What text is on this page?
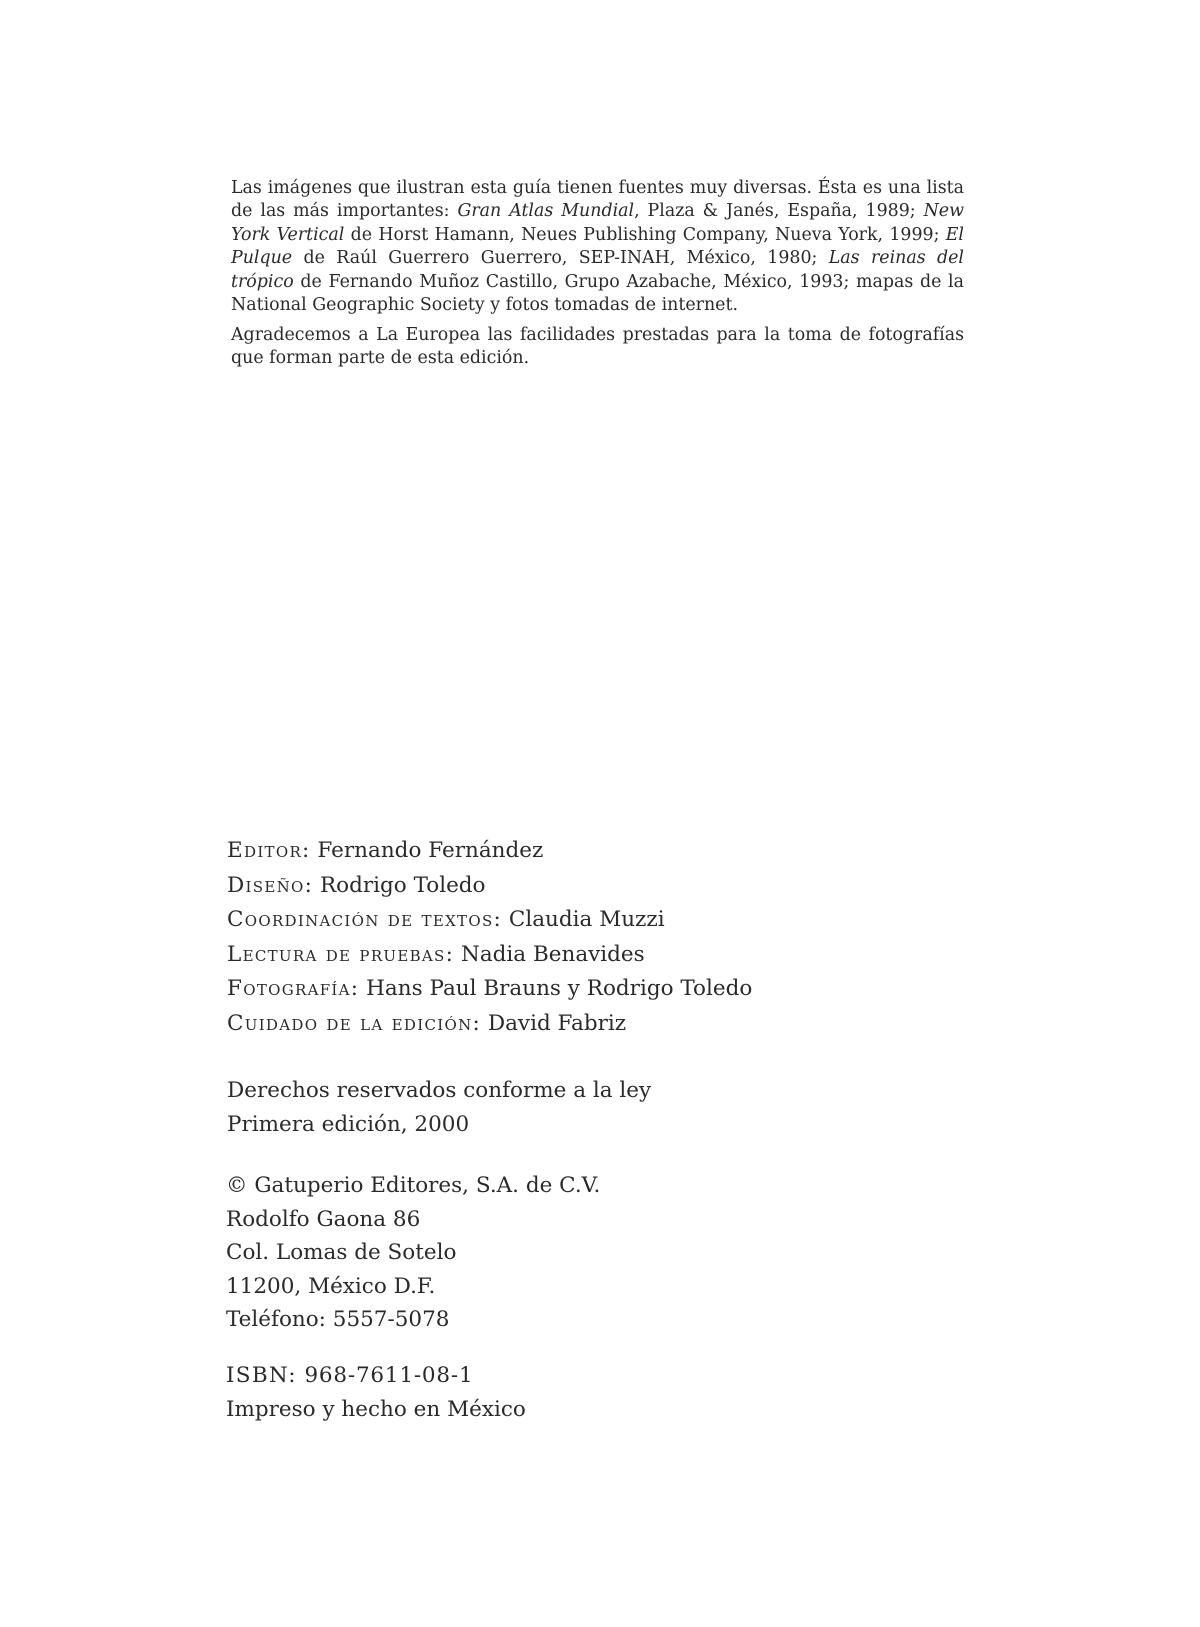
Las imágenes que ilustran esta guía tienen fuentes muy diversas. Ésta es una lista de las más importantes: Gran Atlas Mundial, Plaza & Janés, España, 1989; New York Vertical de Horst Hamann, Neues Publishing Company, Nueva York, 1999; El Pulque de Raúl Guerrero Guerrero, SEP-INAH, México, 1980; Las reinas del trópico de Fernando Muñoz Castillo, Grupo Azabache, México, 1993; mapas de la National Geographic Society y fotos tomadas de internet.

Agradecemos a La Europea las facilidades prestadas para la toma de fotografías que forman parte de esta edición.

Editor: Fernando Fernández
Diseño: Rodrigo Toledo
Coordinación de textos: Claudia Muzzi
Lectura de pruebas: Nadia Benavides
Fotografía: Hans Paul Brauns y Rodrigo Toledo
Cuidado de la edición: David Fabriz
Derechos reservados conforme a la ley
Primera edición, 2000
© Gatuperio Editores, S.A. de C.V.
Rodolfo Gaona 86
Col. Lomas de Sotelo
11200, México D.F.
Teléfono: 5557-5078
ISBN: 968-7611-08-1
Impreso y hecho en México
